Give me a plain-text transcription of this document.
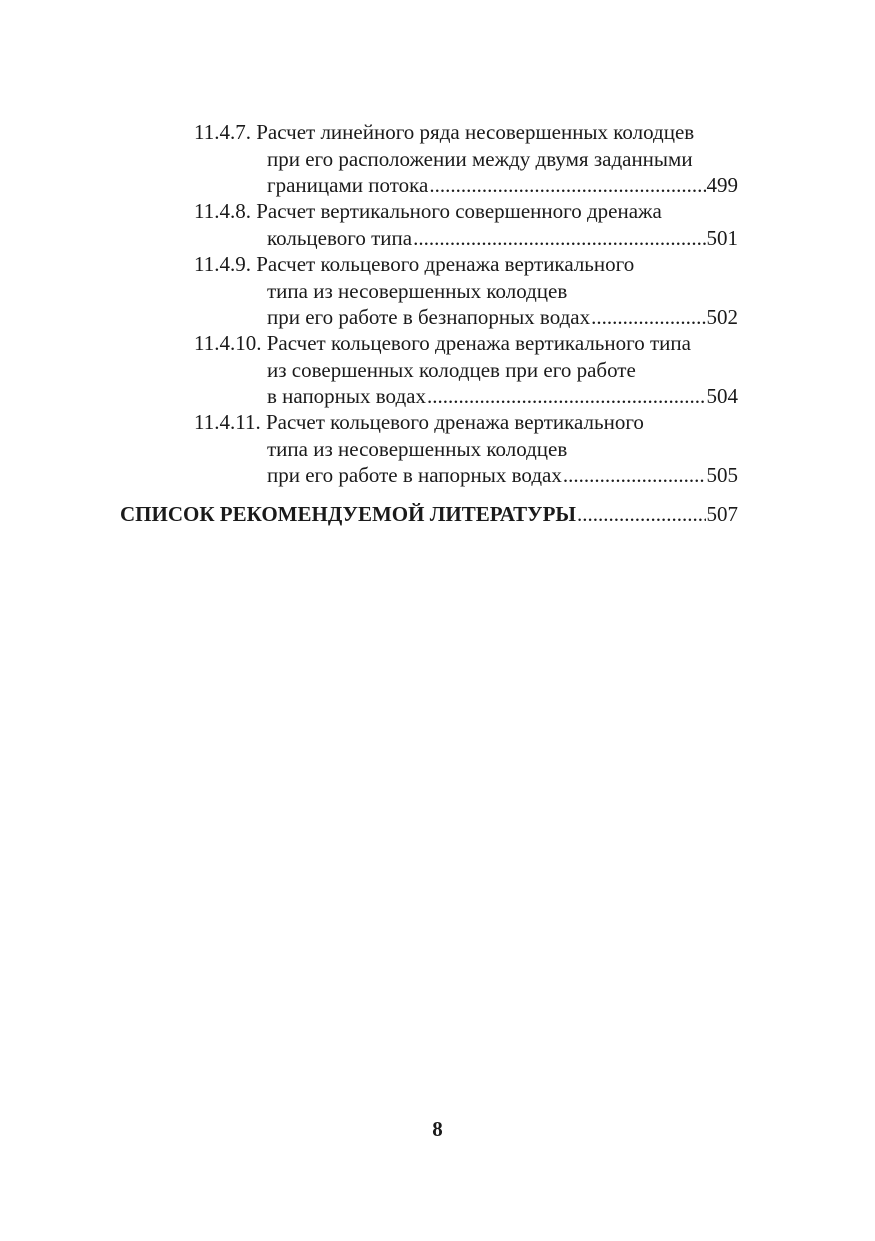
11.4.7. Расчет линейного ряда несовершенных колодцев
при его расположении между двумя заданными
границами потока .....	499
11.4.8. Расчет вертикального совершенного дренажа
кольцевого типа .....	501
11.4.9. Расчет кольцевого дренажа вертикального
типа из несовершенных колодцев
при его работе в безнапорных водах .....	502
11.4.10. Расчет кольцевого дренажа вертикального типа
из совершенных колодцев при его работе
в напорных водах .....	504
11.4.11. Расчет кольцевого дренажа вертикального
типа из несовершенных колодцев
при его работе в напорных водах .....	505
СПИСОК РЕКОМЕНДУЕМОЙ ЛИТЕРАТУРЫ .....	507
8
